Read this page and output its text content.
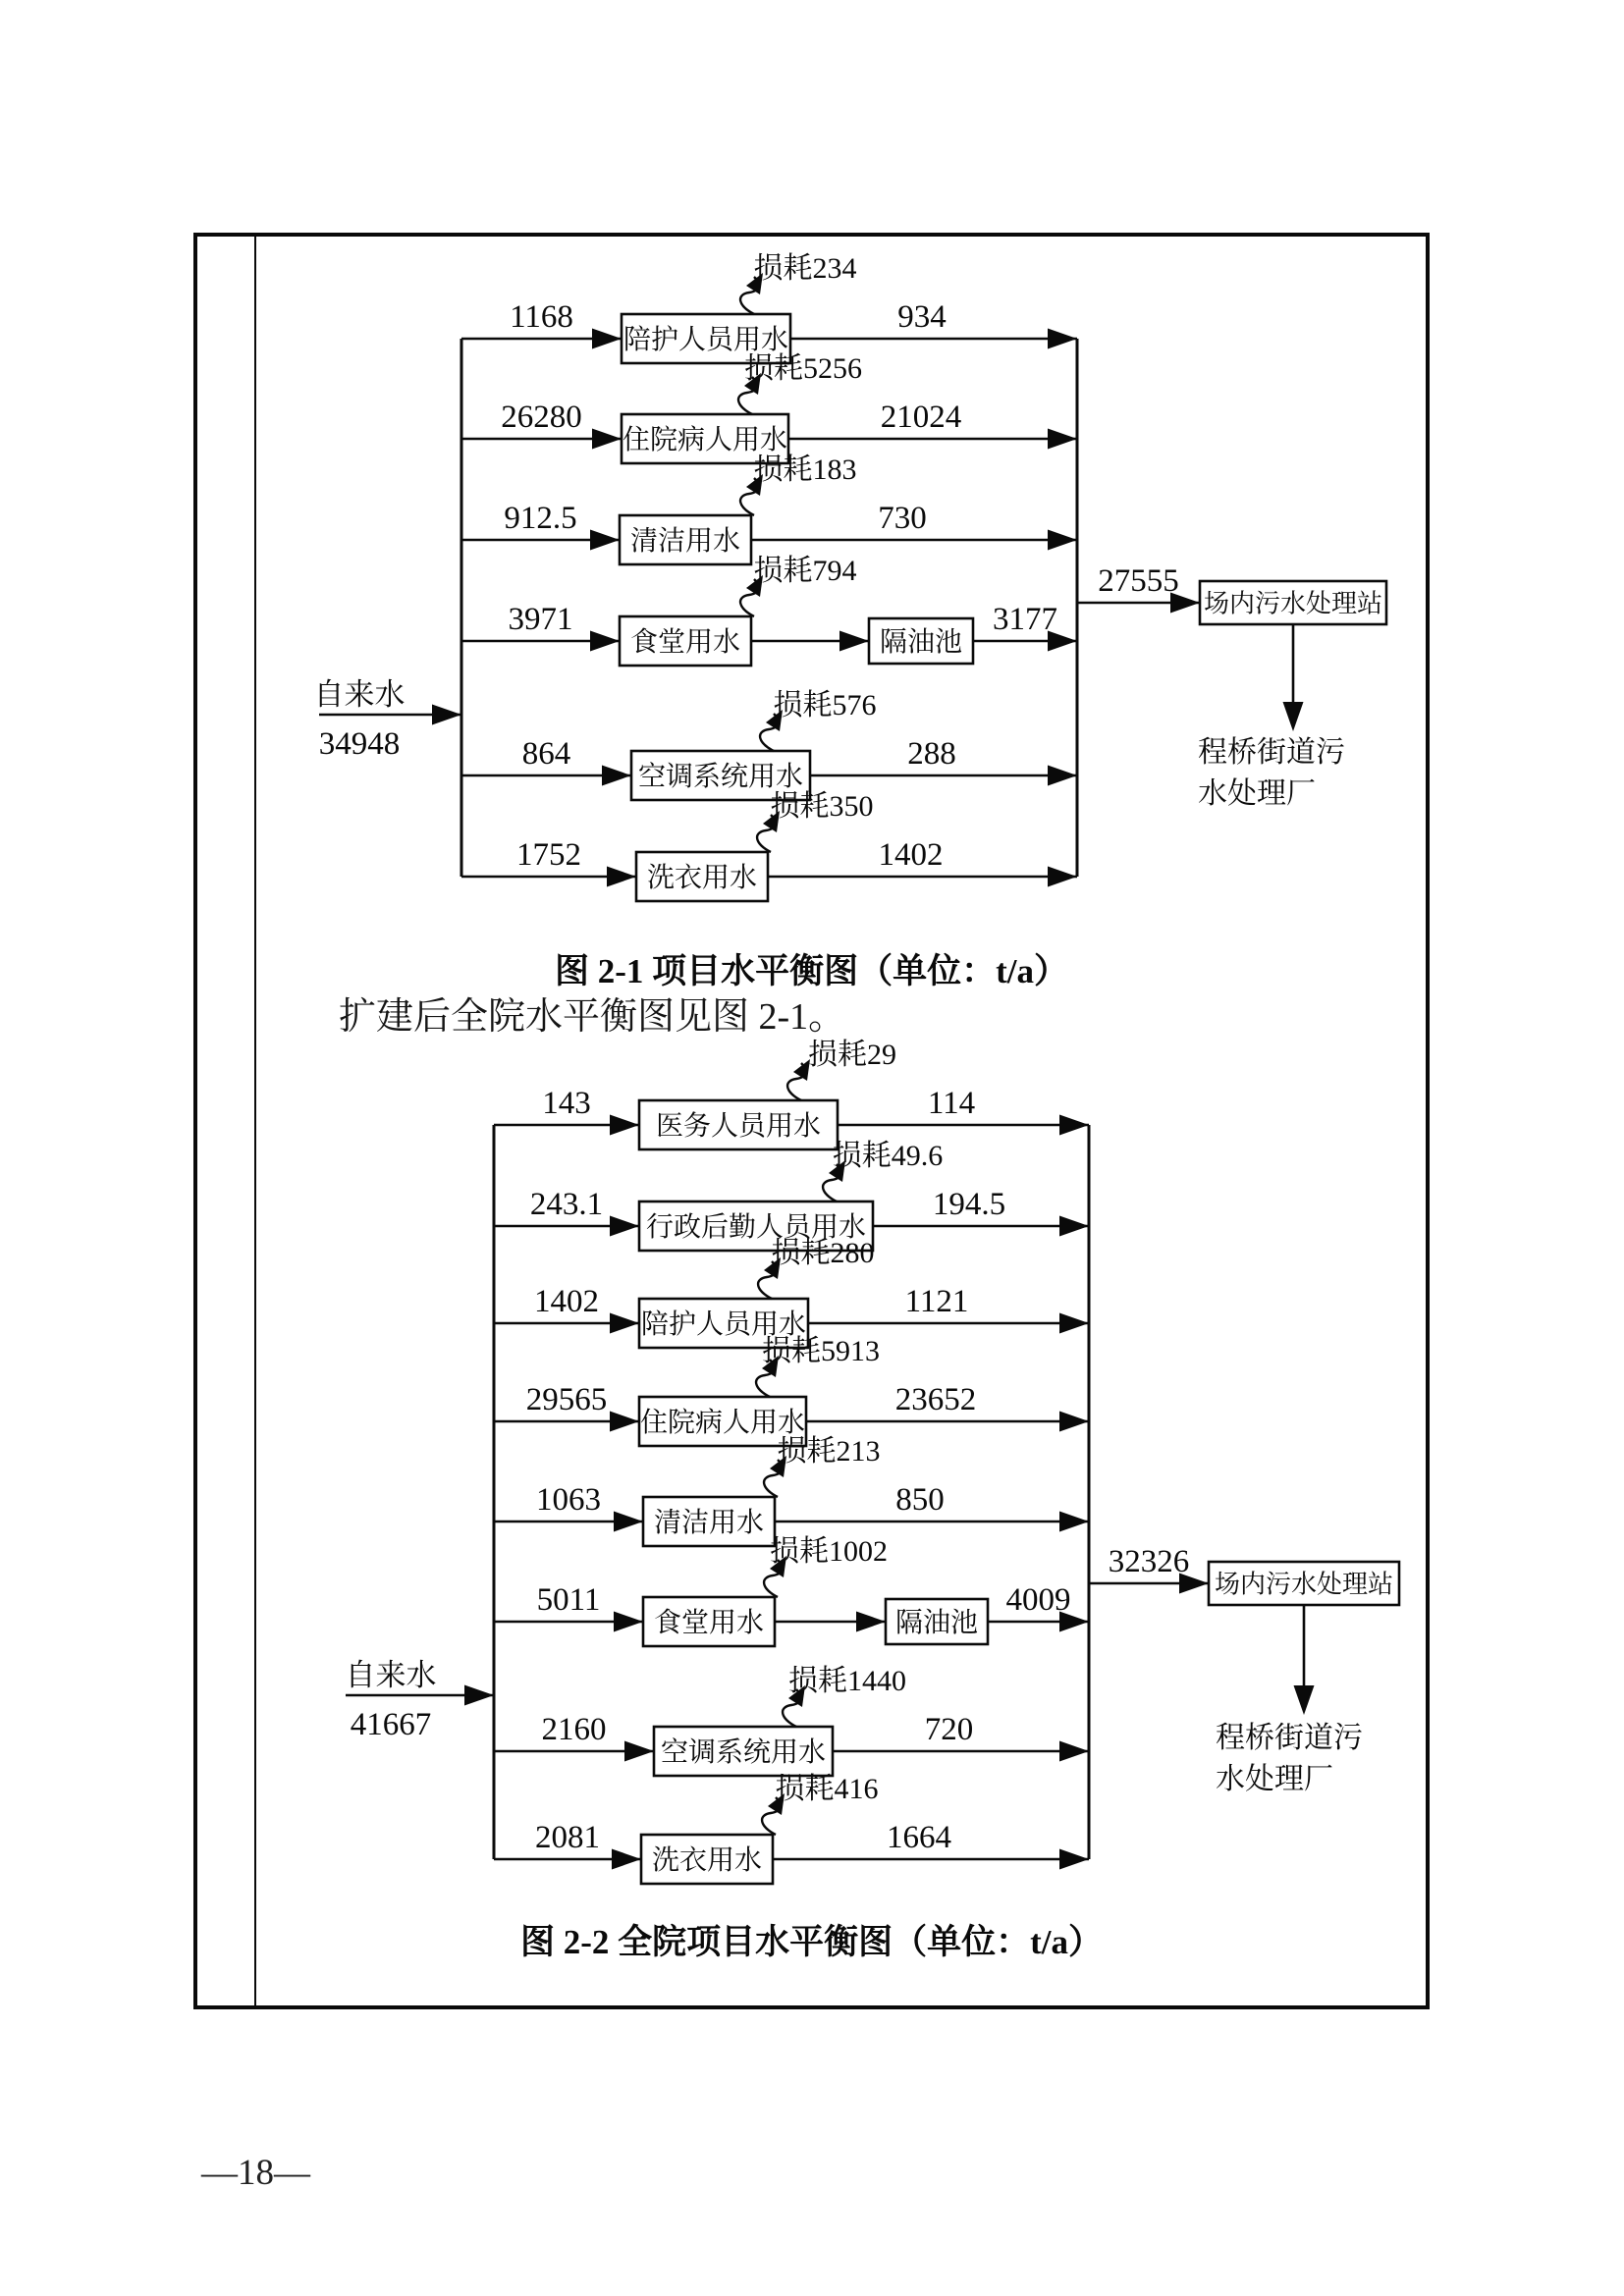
自来水
34948
1168
陪护人员用水
损耗234
934
26280
住院病人用水
损耗5256
21024
912.5
清洁用水
损耗183
730
3971
食堂用水
损耗794
隔油池
3177
864
空调系统用水
损耗576
288
1752
洗衣用水
损耗350
1402
27555
场内污水处理站
程桥街道污
水处理厂
自来水
41667
143
医务人员用水
损耗29
114
243.1
行政后勤人员用水
损耗49.6
194.5
1402
陪护人员用水
损耗280
1121
29565
住院病人用水
损耗5913
23652
1063
清洁用水
损耗213
850
5011
食堂用水
损耗1002
隔油池
4009
2160
空调系统用水
损耗1440
720
2081
洗衣用水
损耗416
1664
32326
场内污水处理站
程桥街道污
水处理厂
图 2-1 项目水平衡图（单位：t/a）
扩建后全院水平衡图见图 2-1。
图 2-2 全院项目水平衡图（单位：t/a）
—18—
